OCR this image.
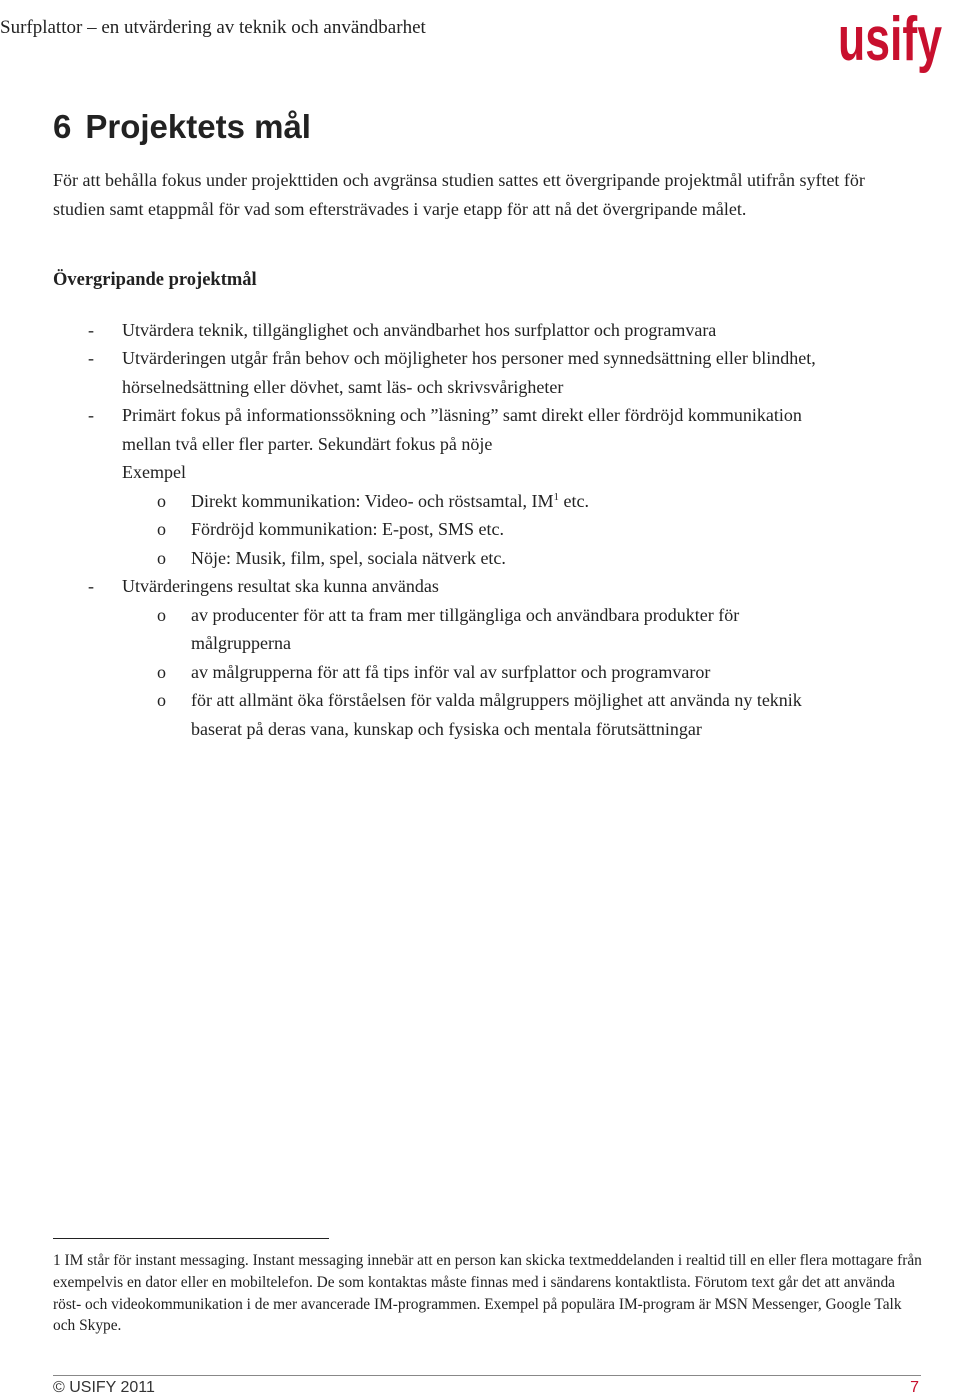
Surfplattor – en utvärdering av teknik och användbarhet	usify
6 Projektets mål
För att behålla fokus under projekttiden och avgränsa studien sattes ett övergripande projektmål utifrån syftet för studien samt etappmål för vad som eftersträvades i varje etapp för att nå det övergripande målet.
Övergripande projektmål
- Utvärdera teknik, tillgänglighet och användbarhet hos surfplattor och programvara
- Utvärderingen utgår från behov och möjligheter hos personer med synnedsättning eller blindhet,
hörselnedsättning eller dövhet, samt läs- och skrivsvårigheter
- Primärt fokus på informationssökning och ”läsning” samt direkt eller fördröjd kommunikation
mellan två eller fler parter. Sekundärt fokus på nöje
Exempel
o Direkt kommunikation: Video- och röstsamtal, $IM^1$ etc.
o Fördröjd kommunikation: E-post, SMS etc.
o Nöje: Musik, film, spel, sociala nätverk etc.
- Utvärderingens resultat ska kunna användas
o av producenter för att ta fram mer tillgängliga och användbara produkter för
målgrupperna
o av målgrupperna för att få tips inför val av surfplattor och programvaror
o för att allmänt öka förståelsen för valda målgruppers möjlighet att använda ny teknik
baserat på deras vana, kunskap och fysiska och mentala förutsättningar
1 IM står för instant messaging. Instant messaging innebär att en person kan skicka textmeddelanden i realtid till en eller flera mottagare från exempelvis en dator eller en mobiltelefon. De som kontaktas måste finnas med i sändarens kontaktlista. Förutom text går det att använda röst- och videokommunikation i de mer avancerade IM-programmen. Exempel på populära IM-program är MSN Messenger, Google Talk och Skype.
© USIFY 2011	7
